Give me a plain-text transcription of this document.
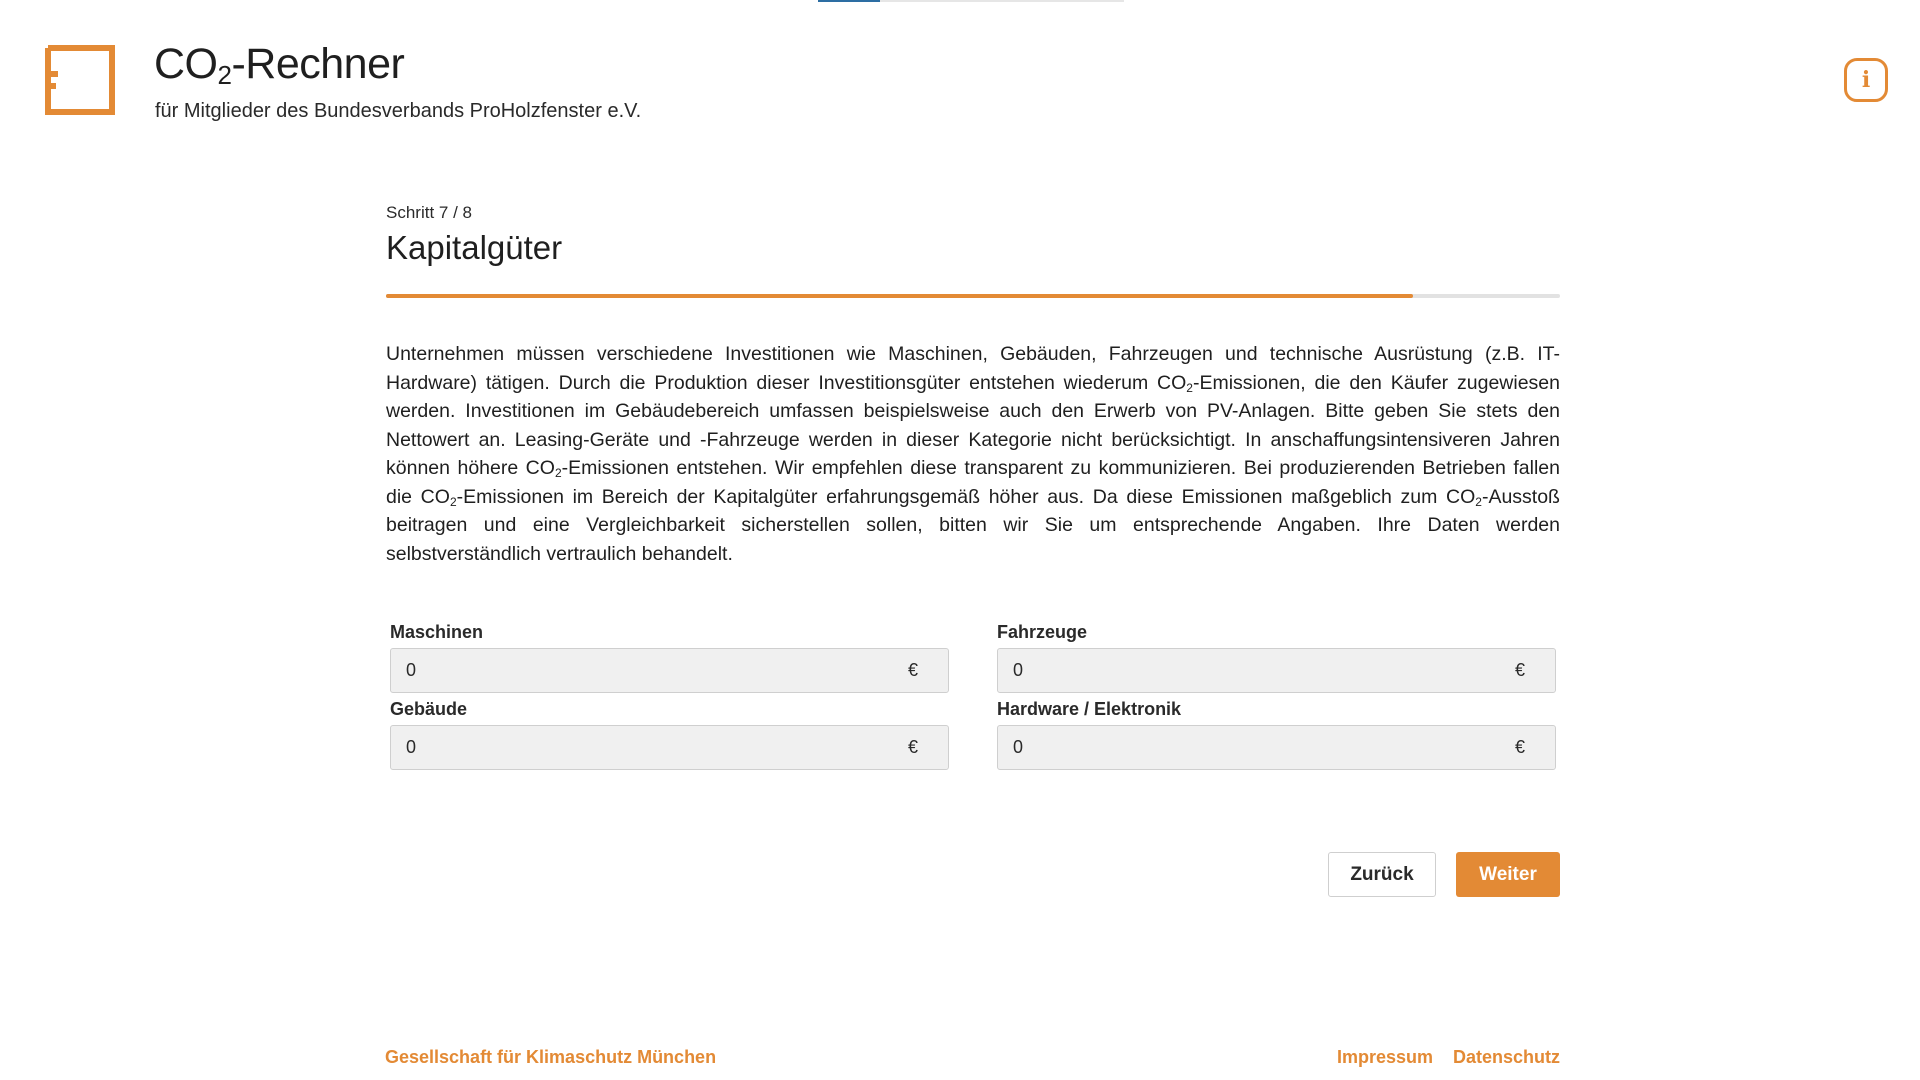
$CO_2$-Rechner
für Mitglieder des Bundesverbands ProHolzfenster e.V.
i
Schritt 7 / 8
Kapitalgüter

Unternehmen müssen verschiedene Investitionen wie Maschinen, Gebäuden, Fahrzeugen und technische Ausrüstung (z.B. IT-Hardware) tätigen. Durch die Produktion dieser Investitionsgüter entstehen wiederum $CO_2$-Emissionen, die den Käufer zugewiesen werden. Investitionen im Gebäudebereich umfassen beispielsweise auch den Erwerb von PV-Anlagen. Bitte geben Sie stets den Nettowert an. Leasing-Geräte und -Fahrzeuge werden in dieser Kategorie nicht berücksichtigt. In anschaffungsintensiveren Jahren können höhere $CO_2$-Emissionen entstehen. Wir empfehlen diese transparent zu kommunizieren. Bei produzierenden Betrieben fallen die $CO_2$-Emissionen im Bereich der Kapitalgüter erfahrungsgemäß höher aus. Da diese Emissionen maßgeblich zum $CO_2$-Ausstoß beitragen und eine Vergleichbarkeit sicherstellen sollen, bitten wir Sie um entsprechende Angaben. Ihre Daten werden selbstverständlich vertraulich behandelt.

Maschinen
0
€
Fahrzeuge
0
€
Gebäude
0
€
Hardware / Elektronik
0
€
Zurück	Weiter
Gesellschaft für Klimaschutz München	Impressum Datenschutz
